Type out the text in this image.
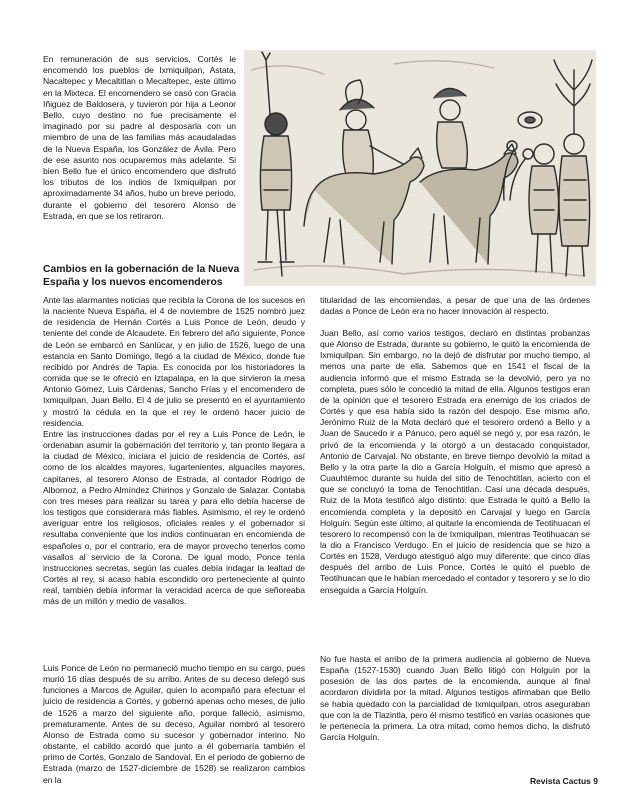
En remuneración de sus servicios, Cortés le encomendó los pueblos de Ixmiquilpan, Astata, Nacaltepec y Mecaltitlan o Mecaltepec, este último en la Mixteca. El encomendero se casó con Gracia Iñiguez de Baldosera, y tuvieron por hija a Leonor Bello, cuyo destino no fue precisamente el imaginado por su padre al desposarla con un miembro de una de las familias más acaudaladas de la Nueva España, los González de Ávila. Pero de ese asunto nos ocuparemos más adelante. Si bien Bello fue el único encomendero que disfrutó los tributos de los indios de Ixmiquilpan por aproximadamente 34 años, hubo un breve periodo, durante el gobierno del tesorero Alonso de Estrada, en que se los retiraron.

Cambios en la gobernación de la Nueva España y los nuevos encomenderos

Ante las alarmantes noticias que recibía la Corona de los sucesos en la naciente Nueva España, el 4 de noviembre de 1525 nombró juez de residencia de Hernán Cortés a Luis Ponce de León, deudo y teniente del conde de Alcaudete. En febrero del año siguiente, Ponce de León se embarcó en Sanlúcar, y en julio de 1526, luego de una estancia en Santo Domingo, llegó a la ciudad de México, donde fue recibido por Andrés de Tapia. Es conocida por los historiadores la comida que se le ofreció en Iztapalapa, en la que sirvieron la mesa Antonio Gómez, Luis Cárdenas, Sancho Frías y el encomendero de Ixmiquilpan, Juan Bello. El 4 de julio se presentó en el ayuntamiento y mostró la cédula en la que el rey le ordenó hacer juicio de residencia.

Entre las instrucciones dadas por el rey a Luis Ponce de León, le ordenaban asumir la gobernación del territorio y, tan pronto llegara a la ciudad de México, iniciara el juicio de residencia de Cortés, así como de los alcaldes mayores, lugartenientes, alguaciles mayores, capitanes, al tesorero Alonso de Estrada, al contador Rodrigo de Albornoz, a Pedro Almíndez Chirinos y Gonzalo de Salazar. Contaba con tres meses para realizar su tarea y para ello debía hacerse de los testigos que considerara más fiables. Asimismo, el rey le ordenó averiguar entre los religiosos, oficiales reales y el gobernador si resultaba conveniente que los indios continuaran en encomienda de españoles o, por el contrario, era de mayor provecho tenerlos como vasallos al servicio de la Corona. De igual modo, Ponce tenía instrucciones secretas, según las cuales debía indagar la lealtad de Cortés al rey, si acaso había escondido oro perteneciente al quinto real, también debía informar la veracidad acerca de que señoreaba más de un millón y medio de vasallos.

Luis Ponce de León no permaneció mucho tiempo en su cargo, pues murió 16 días después de su arribo. Antes de su deceso delegó sus funciones a Marcos de Aguilar, quien lo acompañó para efectuar el juicio de residencia a Cortés, y gobernó apenas ocho meses, de julio de 1526 a marzo del siguiente año, porque falleció, asimismo, prematuramente. Antes de su deceso, Aguilar nombró al tesorero Alonso de Estrada como su sucesor y gobernador interino. No obstante, el cabildo acordó que junto a él gobernaría también el primo de Cortés, Gonzalo de Sandoval. En el periodo de gobierno de Estrada (marzo de 1527-diciembre de 1528) se realizaron cambios en la

titularidad de las encomiendas, a pesar de que una de las órdenes dadas a Ponce de León era no hacer innovación al respecto.

Juan Bello, así como varios testigos, declaró en distintas probanzas que Alonso de Estrada, durante su gobierno, le quitó la encomienda de Ixmiquilpan. Sin embargo, no la dejó de disfrutar por mucho tiempo, al menos una parte de ella. Sabemos que en 1541 el fiscal de la audiencia informó que el mismo Estrada se la devolvió, pero ya no completa, pues sólo le concedió la mitad de ella. Algunos testigos eran de la opinión que el tesorero Estrada era enemigo de los criados de Cortés y que esa había sido la razón del despojo. Ese mismo año, Jerónimo Ruiz de la Mota declaró que el tesorero ordenó a Bello y a Juan de Saucedo ir a Pánuco, pero aquél se negó y, por esa razón, le privó de la encomienda y la otorgó a un destacado conquistador, Antonio de Carvajal. No obstante, en breve tiempo devolvió la mitad a Bello y la otra parte la dio a García Holguín, el mismo que apresó a Cuauhtémoc durante su huida del sitio de Tenochtitlan, acierto con el que se concluyó la toma de Tenochtitlan. Casi una década después, Ruiz de la Mota testificó algo distinto: que Estrada le quitó a Bello la encomienda completa y la depositó en Carvajal y luego en García Holguín. Según este último, al quitarle la encomienda de Teotihuacan el tesorero lo recompensó con la de Ixmiquilpan, mientras Teotihuacan se la dio a Francisco Verdugo. En el juicio de residencia que se hizo a Cortés en 1528, Verdugo atestiguó algo muy diferente: que cinco días después del arribo de Luis Ponce, Cortés le quitó el pueblo de Teotihuacan que le habían mercedado el contador y tesorero y se lo dio enseguida a García Holguín.

No fue hasta el arribo de la primera audiencia al gobierno de Nueva España (1527-1530) cuando Juan Bello litigó con Holguín por la posesión de las dos partes de la encomienda, aunque al final acordaron dividirla por la mitad. Algunos testigos afirmaban que Bello se había quedado con la parcialidad de Ixmiquilpan, otros aseguraban que con la de Tlazintla, pero él mismo testificó en varias ocasiones que le pertenecía la primera. La otra mitad, como hemos dicho, la disfrutó García Holguín.

Revista Cactus 9
